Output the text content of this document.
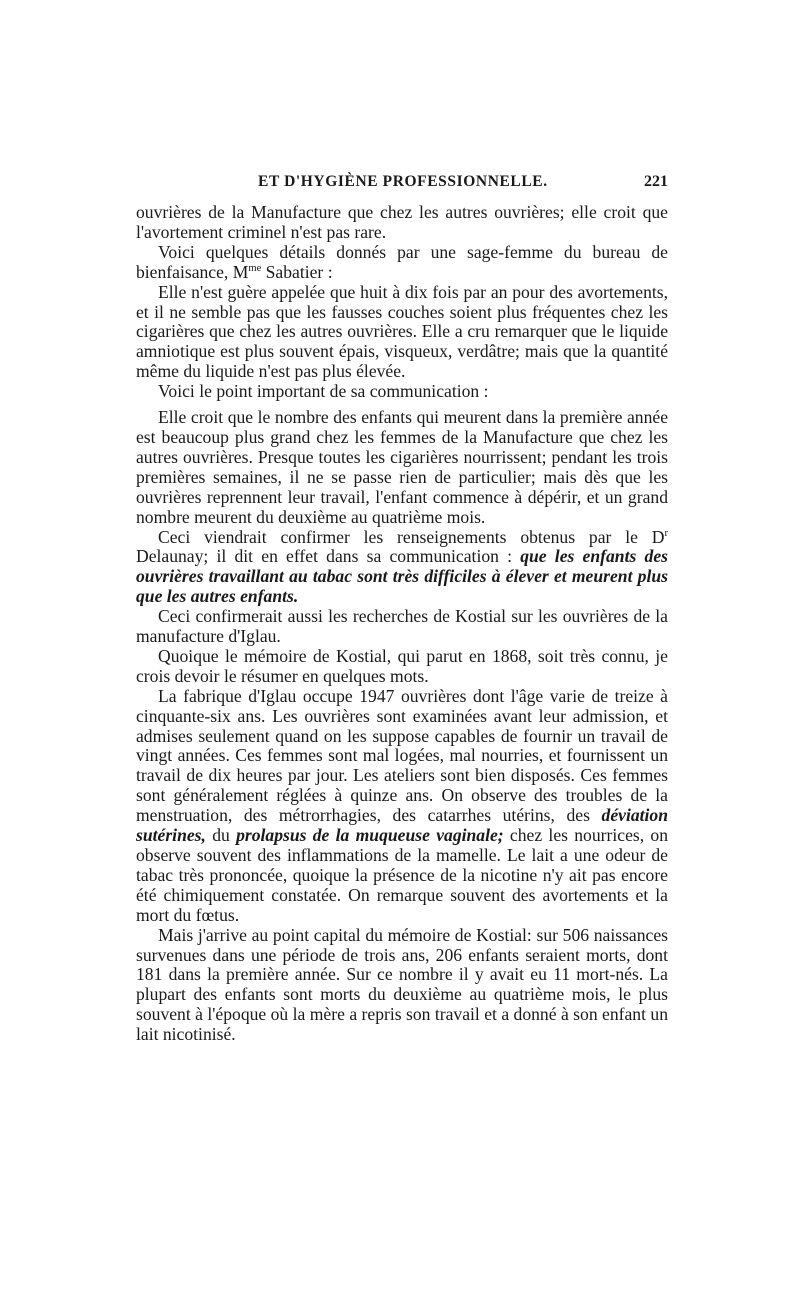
ET D'HYGIÈNE PROFESSIONNELLE.	221

ouvrières de la Manufacture que chez les autres ouvrières; elle croit que l'avortement criminel n'est pas rare.

Voici quelques détails donnés par une sage-femme du bureau de bienfaisance, $M^{me}$ Sabatier :

Elle n'est guère appelée que huit à dix fois par an pour des avortements, et il ne semble pas que les fausses couches soient plus fréquentes chez les cigarières que chez les autres ouvrières. Elle a cru remarquer que le liquide amniotique est plus souvent épais, visqueux, verdâtre; mais que la quantité même du liquide n'est pas plus élevée.

Voici le point important de sa communication :

Elle croit que le nombre des enfants qui meurent dans la première année est beaucoup plus grand chez les femmes de la Manufacture que chez les autres ouvrières. Presque toutes les cigarières nourrissent; pendant les trois premières semaines, il ne se passe rien de particulier; mais dès que les ouvrières reprennent leur travail, l'enfant commence à dépérir, et un grand nombre meurent du deuxième au quatrième mois.

Ceci viendrait confirmer les renseignements obtenus par le $D^r$ Delaunay; il dit en effet dans sa communication : que les enfants des ouvrières travaillant au tabac sont très difficiles à élever et meurent plus que les autres enfants.

Ceci confirmerait aussi les recherches de Kostial sur les ouvrières de la manufacture d'Iglau.

Quoique le mémoire de Kostial, qui parut en 1868, soit très connu, je crois devoir le résumer en quelques mots.

La fabrique d'Iglau occupe 1947 ouvrières dont l'âge varie de treize à cinquante-six ans. Les ouvrières sont examinées avant leur admission, et admises seulement quand on les suppose capables de fournir un travail de vingt années. Ces femmes sont mal logées, mal nourries, et fournissent un travail de dix heures par jour. Les ateliers sont bien disposés. Ces femmes sont généralement réglées à quinze ans. On observe des troubles de la menstruation, des métrorrhagies, des catarrhes utérins, des déviation sutérines, du prolapsus de la muqueuse vaginale; chez les nourrices, on observe souvent des inflammations de la mamelle. Le lait a une odeur de tabac très prononcée, quoique la présence de la nicotine n'y ait pas encore été chimiquement constatée. On remarque souvent des avortements et la mort du fœtus.

Mais j'arrive au point capital du mémoire de Kostial: sur 506 naissances survenues dans une période de trois ans, 206 enfants seraient morts, dont 181 dans la première année. Sur ce nombre il y avait eu 11 mort-nés. La plupart des enfants sont morts du deuxième au quatrième mois, le plus souvent à l'époque où la mère a repris son travail et a donné à son enfant un lait nicotinisé.
